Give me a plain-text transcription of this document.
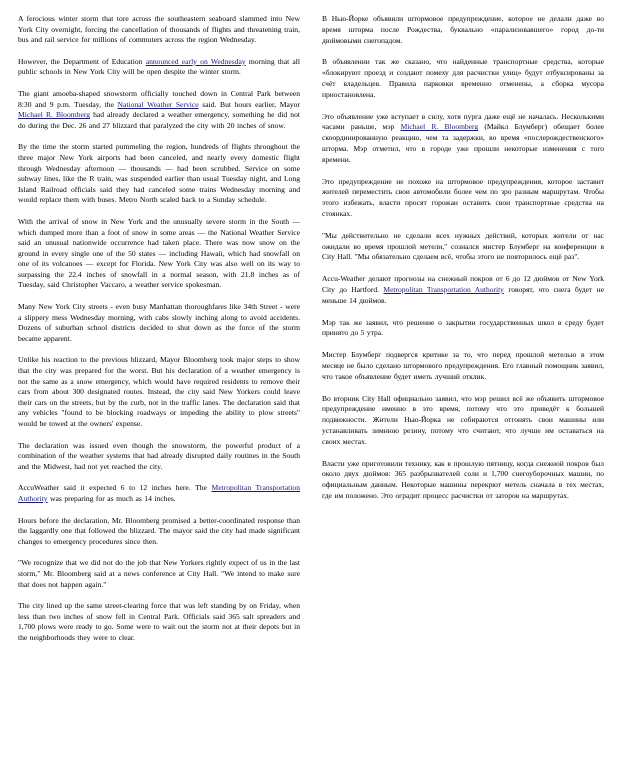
A ferocious winter storm that tore across the southeastern seaboard slammed into New York City overnight, forcing the cancellation of thousands of flights and threatening train, bus and rail service for millions of commuters across the region Wednesday.

However, the Department of Education announced early on Wednesday morning that all public schools in New York City will be open despite the winter storm.

The giant amoeba-shaped snowstorm officially touched down in Central Park between 8:30 and 9 p.m. Tuesday, the National Weather Service said. But hours earlier, Mayor Michael R. Bloomberg had already declared a weather emergency, something he did not do during the Dec. 26 and 27 blizzard that paralyzed the city with 20 inches of snow.

By the time the storm started pummeling the region, hundreds of flights throughout the three major New York airports had been canceled, and nearly every domestic flight through Wednesday afternoon — thousands — had been scrubbed. Service on some subway lines, like the R train, was suspended earlier than usual Tuesday night, and Long Island Railroad officials said they had canceled some trains Wednesday morning and would replace them with buses. Metro North scaled back to a Sunday schedule.

With the arrival of snow in New York and the unusually severe storm in the South — which dumped more than a foot of snow in some areas — the National Weather Service said an unusual nationwide occurrence had taken place. There was now snow on the ground in every single one of the 50 states — including Hawaii, which had snowfall on one of its volcanoes — except for Florida. New York City was also well on its way to surpassing the 22.4 inches of snowfall in a normal season, with 21.8 inches as of Tuesday, said Christopher Vaccaro, a weather service spokesman.

Many New York City streets - even busy Manhattan thoroughfares like 34th Street - were a slippery mess Wednesday morning, with cabs slowly inching along to avoid accidents. Dozens of suburban school districts decided to shut down as the force of the storm became apparent.

Unlike his reaction to the previous blizzard, Mayor Bloomberg took major steps to show that the city was prepared for the worst. But his declaration of a weather emergency is not the same as a snow emergency, which would have required residents to remove their cars from about 300 designated routes. Instead, the city said New Yorkers could leave their cars on the streets, but by the curb, not in the traffic lanes. The declaration said that any vehicles "found to be blocking roadways or impeding the ability to plow streets" would be towed at the owners' expense.

The declaration was issued even though the snowstorm, the powerful product of a combination of the weather systems that had already disrupted daily routines in the South and the Midwest, had not yet reached the city.

AccuWeather said it expected 6 to 12 inches here. The Metropolitan Transportation Authority was preparing for as much as 14 inches.

Hours before the declaration, Mr. Bloomberg promised a better-coordinated response than the laggardly one that followed the blizzard. The mayor said the city had made significant changes to emergency procedures since then.

"We recognize that we did not do the job that New Yorkers rightly expect of us in the last storm," Mr. Bloomberg said at a news conference at City Hall. "We intend to make sure that does not happen again."

The city lined up the same street-clearing force that was left standing by on Friday, when less than two inches of snow fell in Central Park. Officials said 365 salt spreaders and 1,700 plows were ready to go. Some were to wait out the storm not at their depots but in the neighborhoods they were to clear.

В Нью-Йорке объявили штормовое предупреждение, которое не делали даже во время шторма после Рождества, буквально «парализовавшего» город до-ти дюймовыми снегопадом.

В объявлении так же сказано, что найденные транспортные средства, которые «блокируют проезд и создают помеху для расчистки улиц» будут отбуксированы за счёт владельцев. Правила парковки временно отменены, а сборка мусора приостановлена.

Это объявление уже вступает в силу, хотя пурга даже ещё не началась. Несколькими часами раньше, мэр Michael R. Bloomberg (Майкл Блумберг) обещает более скоординированную реакцию, чем та задержки, во время «послерождественского» шторма. Мэр отметил, что в городе уже прошли некоторые изменения с того времени.

Это предупреждение не похоже на штормовое предупреждения, которое заставит жителей переместить свои автомобили более чем по зро разным маршрутам. Чтобы этого избежать, власти просят горожан оставить свои транспортные средства на стоянках.

"Мы действительно не сделали всех нужных действий, которых жители от нас ожидали во время прошлой метели," сознался мистер Блумберг на конференции в City Hall. "Мы обязательно сделаем всё, чтобы этого не повторилось ещё раз".

Accu-Weather делают прогнозы на снежный покров от 6 до 12 дюймов от New York City до Hartford. Metropolitan Transportation Authority говорят, что снега будет не меньше 14 дюймов.

Мэр так же заявил, что решение о закрытии государственных школ в среду будет принято до 5 утра.

Мистер Блумберг подвергся критике за то, что перед прошлой метелью в этом месяце не было сделано штормового предупреждения. Его главный помощник заявил, что такое объявление будет иметь лучший отклик.

Во вторник City Hall официально заявил, что мэр решил всё же объявить штормовое предупреждение именно в это время, потому что это приведёт к большей подвижности. Жители Нью-Йорка не собираются отгонять свои машины или устанавливать зимнюю резину, потому что считают, что лучше им оставаться на своих местах.

Власти уже приготовили технику, как в прошлую пятницу, когда снежной покров был около двух дюймов: 365 разбрызвателей соли и 1,700 снегоуборочных машин, по официальным данным. Некоторые машины перекрют метель сначала в тех местах, где им положено. Это оградит процесс расчистки от заторов на маршрутах.
